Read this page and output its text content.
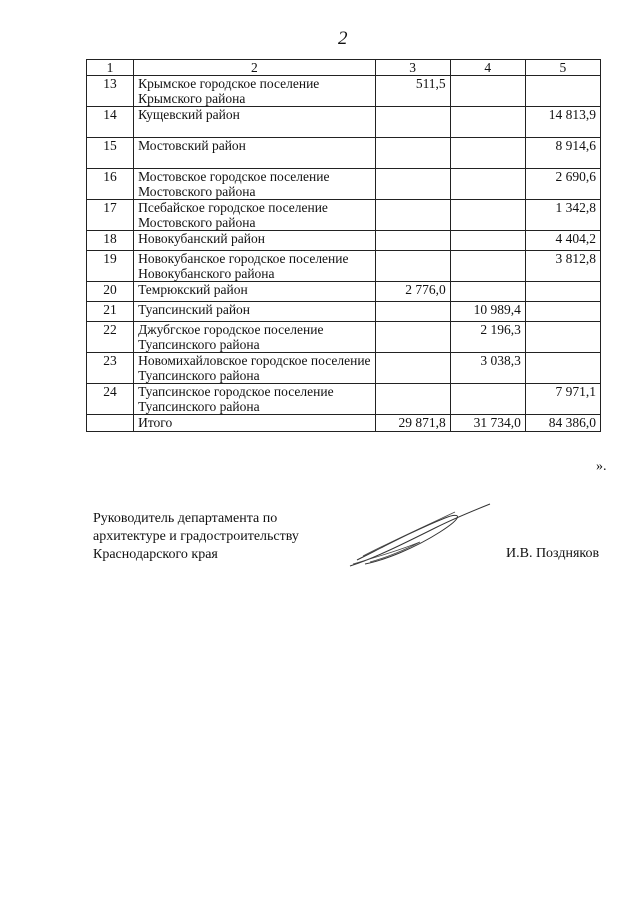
2
1	2	3	4	5
13	Крымское городское поселение Крымского района	511,5		
14	Кущевский район			14 813,9
15	Мостовский район			8 914,6
16	Мостовское городское поселение Мостовского района			2 690,6
17	Псебайское городское поселение Мостовского района			1 342,8
18	Новокубанский район			4 404,2
19	Новокубанское городское поселение Новокубанского района			3 812,8
20	Темрюкский район	2 776,0		
21	Туапсинский район		10 989,4	
22	Джубгское городское поселение Туапсинского района		2 196,3	
23	Новомихайловское городское поселение Туапсинского района		3 038,3	
24	Туапсинское городское поселение Туапсинского района			7 971,1
	Итого	29 871,8	31 734,0	84 386,0
».
Руководитель департамента по
архитектуре и градостроительству
Краснодарского края	И.В. Поздняков
